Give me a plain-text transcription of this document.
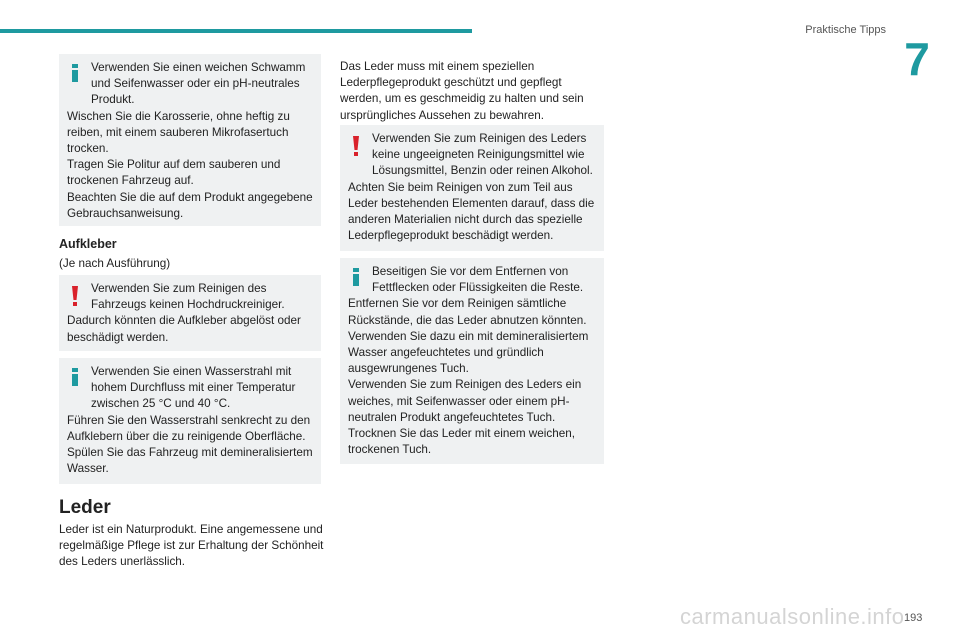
Praktische Tipps
7

Verwenden Sie einen weichen Schwamm und Seifenwasser oder ein pH-neutrales Produkt.

Wischen Sie die Karosserie, ohne heftig zu reiben, mit einem sauberen Mikrofasertuch trocken.

Tragen Sie Politur auf dem sauberen und trockenen Fahrzeug auf.

Beachten Sie die auf dem Produkt angegebene Gebrauchsanweisung.

Aufkleber

(Je nach Ausführung)

Verwenden Sie zum Reinigen des Fahrzeugs keinen Hochdruckreiniger.

Dadurch könnten die Aufkleber abgelöst oder beschädigt werden.

Verwenden Sie einen Wasserstrahl mit hohem Durchfluss mit einer Temperatur zwischen 25 °C und 40 °C.

Führen Sie den Wasserstrahl senkrecht zu den Aufklebern über die zu reinigende Oberfläche.

Spülen Sie das Fahrzeug mit demineralisiertem Wasser.

Leder

Leder ist ein Naturprodukt. Eine angemessene und regelmäßige Pflege ist zur Erhaltung der Schönheit des Leders unerlässlich.

Das Leder muss mit einem speziellen Lederpflegeprodukt geschützt und gepflegt werden, um es geschmeidig zu halten und sein ursprüngliches Aussehen zu bewahren.

Verwenden Sie zum Reinigen des Leders keine ungeeigneten Reinigungsmittel wie Lösungsmittel, Benzin oder reinen Alkohol.

Achten Sie beim Reinigen von zum Teil aus Leder bestehenden Elementen darauf, dass die anderen Materialien nicht durch das spezielle Lederpflegeprodukt beschädigt werden.

Beseitigen Sie vor dem Entfernen von Fettflecken oder Flüssigkeiten die Reste.

Entfernen Sie vor dem Reinigen sämtliche Rückstände, die das Leder abnutzen könnten.

Verwenden Sie dazu ein mit demineralisiertem Wasser angefeuchtetes und gründlich ausgewrungenes Tuch.

Verwenden Sie zum Reinigen des Leders ein weiches, mit Seifenwasser oder einem pH-neutralen Produkt angefeuchtetes Tuch.

Trocknen Sie das Leder mit einem weichen, trockenen Tuch.

carmanualsonline.info 193
